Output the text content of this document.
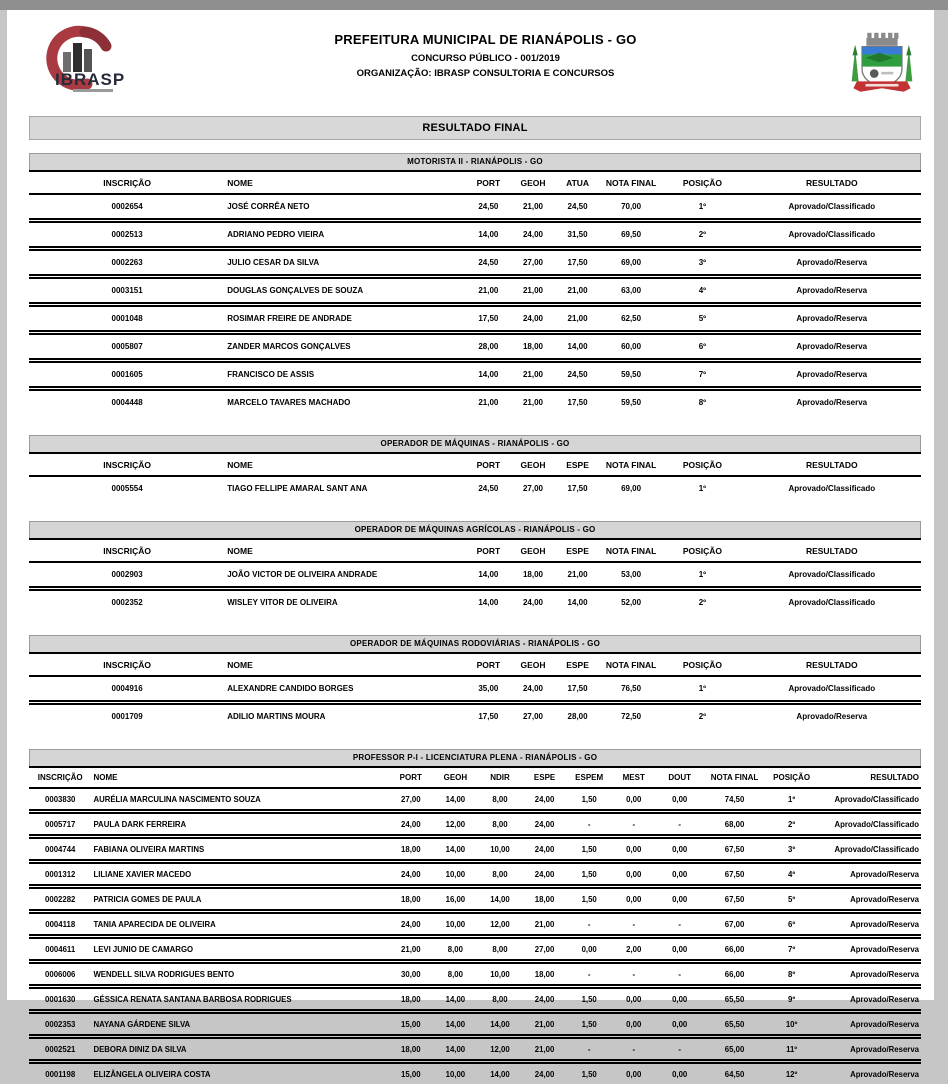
IBRASP
PREFEITURA MUNICIPAL DE RIANÁPOLIS - GO
CONCURSO PÚBLICO - 001/2019
ORGANIZAÇÃO: IBRASP CONSULTORIA E CONCURSOS
RESULTADO FINAL
MOTORISTA II - RIANÁPOLIS - GO
INSCRIÇÃO	NOME	PORT	GEOH	ATUA	NOTA FINAL	POSIÇÃO	RESULTADO
0002654	JOSÉ CORRÊA NETO	24,50	21,00	24,50	70,00	1º	Aprovado/Classificado
0002513	ADRIANO PEDRO VIEIRA	14,00	24,00	31,50	69,50	2º	Aprovado/Classificado
0002263	JULIO CESAR DA SILVA	24,50	27,00	17,50	69,00	3º	Aprovado/Reserva
0003151	DOUGLAS GONÇALVES DE SOUZA	21,00	21,00	21,00	63,00	4º	Aprovado/Reserva
0001048	ROSIMAR FREIRE DE ANDRADE	17,50	24,00	21,00	62,50	5º	Aprovado/Reserva
0005807	ZANDER MARCOS GONÇALVES	28,00	18,00	14,00	60,00	6º	Aprovado/Reserva
0001605	FRANCISCO DE ASSIS	14,00	21,00	24,50	59,50	7º	Aprovado/Reserva
0004448	MARCELO TAVARES MACHADO	21,00	21,00	17,50	59,50	8º	Aprovado/Reserva
OPERADOR DE MÁQUINAS - RIANÁPOLIS - GO
INSCRIÇÃO	NOME	PORT	GEOH	ESPE	NOTA FINAL	POSIÇÃO	RESULTADO
0005554	TIAGO FELLIPE AMARAL SANT ANA	24,50	27,00	17,50	69,00	1º	Aprovado/Classificado
OPERADOR DE MÁQUINAS AGRÍCOLAS - RIANÁPOLIS - GO
INSCRIÇÃO	NOME	PORT	GEOH	ESPE	NOTA FINAL	POSIÇÃO	RESULTADO
0002903	JOÃO VICTOR DE OLIVEIRA ANDRADE	14,00	18,00	21,00	53,00	1º	Aprovado/Classificado
0002352	WISLEY VITOR DE OLIVEIRA	14,00	24,00	14,00	52,00	2º	Aprovado/Classificado
OPERADOR DE MÁQUINAS RODOVIÁRIAS - RIANÁPOLIS - GO
INSCRIÇÃO	NOME	PORT	GEOH	ESPE	NOTA FINAL	POSIÇÃO	RESULTADO
0004916	ALEXANDRE CANDIDO BORGES	35,00	24,00	17,50	76,50	1º	Aprovado/Classificado
0001709	ADILIO MARTINS MOURA	17,50	27,00	28,00	72,50	2º	Aprovado/Reserva
PROFESSOR P-I - LICENCIATURA PLENA - RIANÁPOLIS - GO
INSCRIÇÃO	NOME	PORT	GEOH	NDIR	ESPE	ESPEM	MEST	DOUT	NOTA FINAL	POSIÇÃO	RESULTADO
0003830	AURÉLIA MARCULINA NASCIMENTO SOUZA	27,00	14,00	8,00	24,00	1,50	0,00	0,00	74,50	1º	Aprovado/Classificado
0005717	PAULA DARK FERREIRA	24,00	12,00	8,00	24,00	-	-	-	68,00	2º	Aprovado/Classificado
0004744	FABIANA OLIVEIRA MARTINS	18,00	14,00	10,00	24,00	1,50	0,00	0,00	67,50	3º	Aprovado/Classificado
0001312	LILIANE XAVIER MACEDO	24,00	10,00	8,00	24,00	1,50	0,00	0,00	67,50	4º	Aprovado/Reserva
0002282	PATRICIA GOMES DE PAULA	18,00	16,00	14,00	18,00	1,50	0,00	0,00	67,50	5º	Aprovado/Reserva
0004118	TANIA APARECIDA DE OLIVEIRA	24,00	10,00	12,00	21,00	-	-	-	67,00	6º	Aprovado/Reserva
0004611	LEVI JUNIO DE CAMARGO	21,00	8,00	8,00	27,00	0,00	2,00	0,00	66,00	7º	Aprovado/Reserva
0006006	WENDELL SILVA RODRIGUES BENTO	30,00	8,00	10,00	18,00	-	-	-	66,00	8º	Aprovado/Reserva
0001630	GÉSSICA RENATA SANTANA BARBOSA RODRIGUES	18,00	14,00	8,00	24,00	1,50	0,00	0,00	65,50	9º	Aprovado/Reserva
0002353	NAYANA GÁRDENE SILVA	15,00	14,00	14,00	21,00	1,50	0,00	0,00	65,50	10º	Aprovado/Reserva
0002521	DEBORA DINIZ DA SILVA	18,00	14,00	12,00	21,00	-	-	-	65,00	11º	Aprovado/Reserva
0001198	ELIZÂNGELA OLIVEIRA COSTA	15,00	10,00	14,00	24,00	1,50	0,00	0,00	64,50	12º	Aprovado/Reserva
